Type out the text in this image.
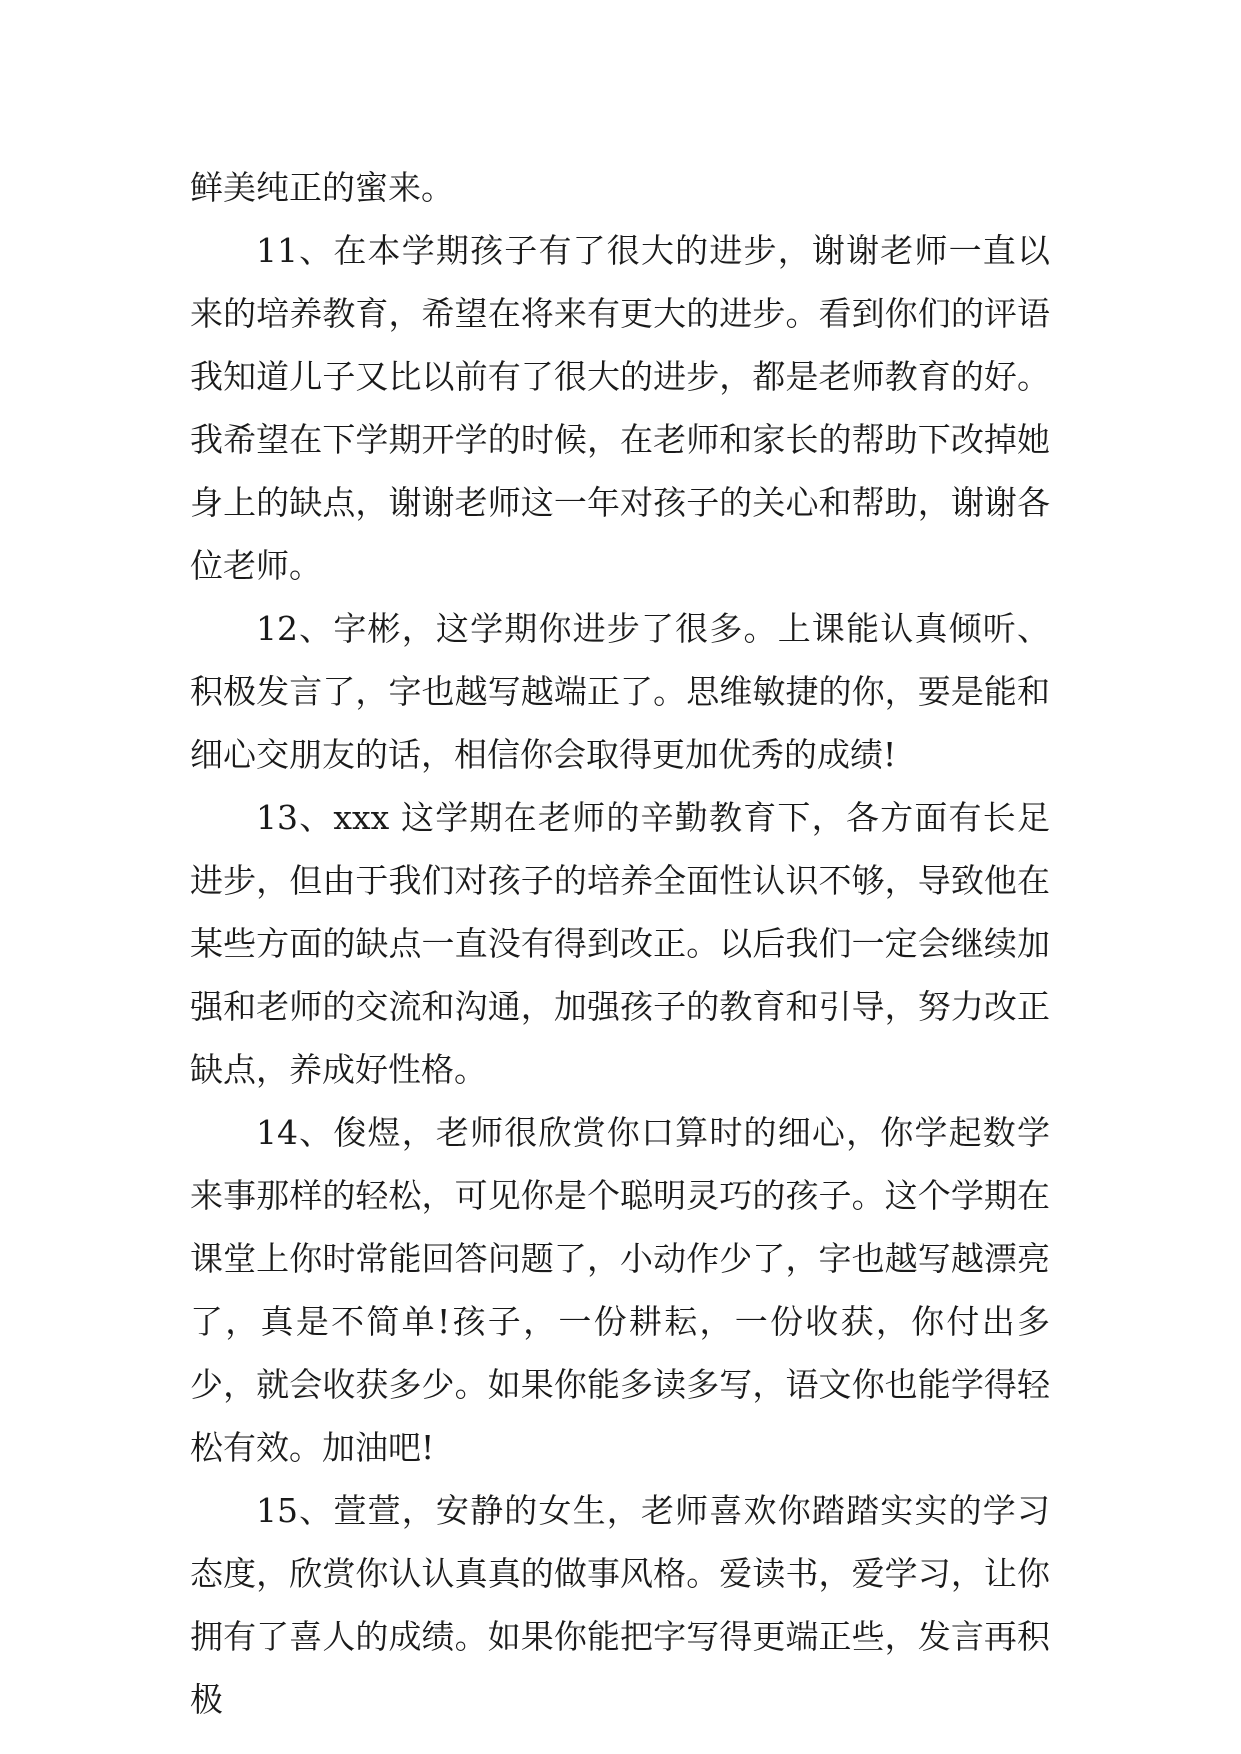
鲜美纯正的蜜来。

11、在本学期孩子有了很大的进步，谢谢老师一直以来的培养教育，希望在将来有更大的进步。看到你们的评语我知道儿子又比以前有了很大的进步，都是老师教育的好。我希望在下学期开学的时候，在老师和家长的帮助下改掉她身上的缺点，谢谢老师这一年对孩子的关心和帮助，谢谢各位老师。

12、字彬，这学期你进步了很多。上课能认真倾听、积极发言了，字也越写越端正了。思维敏捷的你，要是能和细心交朋友的话，相信你会取得更加优秀的成绩!

13、xxx 这学期在老师的辛勤教育下，各方面有长足进步，但由于我们对孩子的培养全面性认识不够，导致他在某些方面的缺点一直没有得到改正。以后我们一定会继续加强和老师的交流和沟通，加强孩子的教育和引导，努力改正缺点，养成好性格。

14、俊煜，老师很欣赏你口算时的细心，你学起数学来事那样的轻松，可见你是个聪明灵巧的孩子。这个学期在课堂上你时常能回答问题了，小动作少了，字也越写越漂亮了，真是不简单!孩子，一份耕耘，一份收获，你付出多少，就会收获多少。如果你能多读多写，语文你也能学得轻松有效。加油吧!

15、萱萱，安静的女生，老师喜欢你踏踏实实的学习态度，欣赏你认认真真的做事风格。爱读书，爱学习，让你拥有了喜人的成绩。如果你能把字写得更端正些，发言再积极
